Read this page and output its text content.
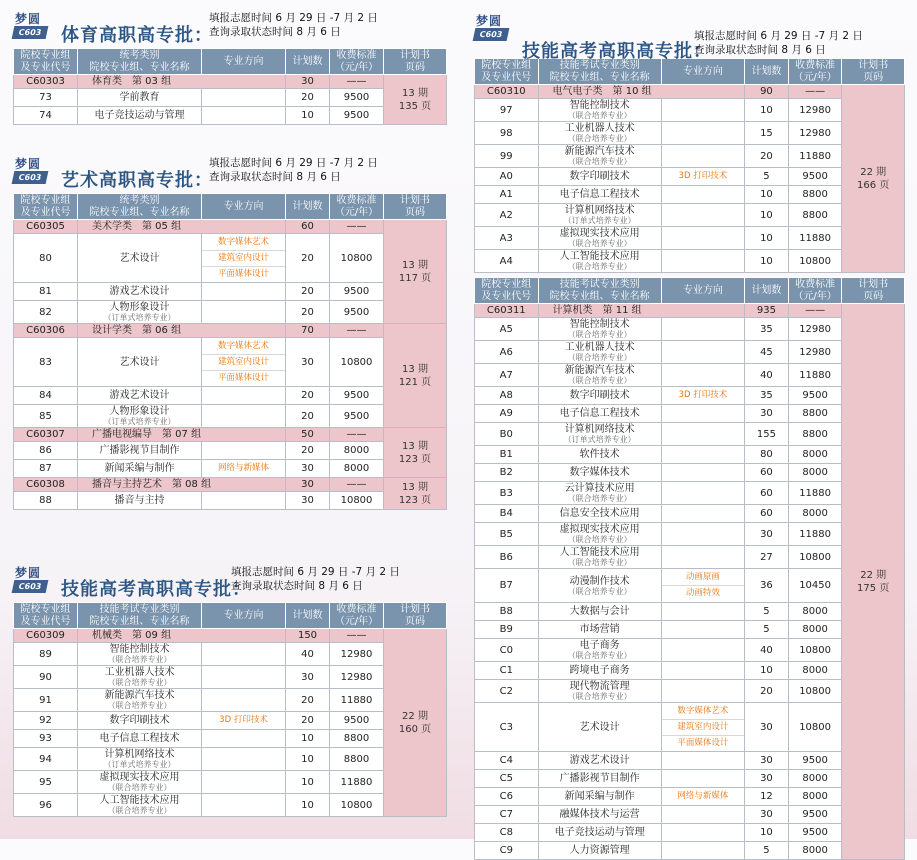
梦圆
C603	体育高职高专批：
填报志愿时间 6 月 29 日 -7 月 2 日
查询录取状态时间 8 月 6 日
院校专业组
及专业代号	统考类别
院校专业组、专业名称	专业方向	计划数	收费标准
（元/年）	计划书
页码
C60303	体育类　第 03 组		30	——	13 期
135 页

73	学前教育		20	9500	
74	电子竞技运动与管理		10	9500	
梦圆
C603	艺术高职高专批：
填报志愿时间 6 月 29 日 -7 月 2 日
查询录取状态时间 8 月 6 日
院校专业组
及专业代号	统考类别
院校专业组、专业名称	专业方向	计划数	收费标准
（元/年）	计划书
页码
C60305	美术学类　第 05 组		60	——	13 期
117 页

80	艺术设计	数字媒体艺术
建筑室内设计
平面媒体设计	20	10800	
81	游戏艺术设计		20	9500	
82	人物形象设计
（订单式培养专业）		20	9500	
C60306	设计学类　第 06 组		70	——	13 期
121 页

83	艺术设计	数字媒体艺术
建筑室内设计
平面媒体设计	30	10800	
84	游戏艺术设计		20	9500	
85	人物形象设计
（订单式培养专业）		20	9500	
C60307	广播电视编导　第 07 组		50	——	13 期
123 页

86	广播影视节目制作		20	8000	
87	新闻采编与制作	网络与新媒体	30	8000	
C60308	播音与主持艺术　第 08 组		30	——	13 期
123 页

88	播音与主持		30	10800	
梦圆
C603	技能高考高职高专批：
填报志愿时间 6 月 29 日 -7 月 2 日
查询录取状态时间 8 月 6 日
院校专业组
及专业代号	技能考试专业类别
院校专业组、专业名称	专业方向	计划数	收费标准
（元/年）	计划书
页码
C60309	机械类　第 09 组		150	——	22 期
160 页

89	智能控制技术
（联合培养专业）		40	12980	
90	工业机器人技术
（联合培养专业）		30	12980	
91	新能源汽车技术
（联合培养专业）		20	11880	
92	数字印刷技术	3D 打印技术	20	9500	
93	电子信息工程技术		10	8800	
94	计算机网络技术
（订单式培养专业）		10	8800	
95	虚拟现实技术应用
（联合培养专业）		10	11880	
96	人工智能技术应用
（联合培养专业）		10	10800	
梦圆
C603
技能高考高职高专批：
填报志愿时间 6 月 29 日 -7 月 2 日
查询录取状态时间 8 月 6 日
院校专业组
及专业代号	技能考试专业类别
院校专业组、专业名称	专业方向	计划数	收费标准
（元/年）	计划书
页码
C60310	电气电子类　第 10 组		90	——	22 期
166 页

97	智能控制技术
（联合培养专业）		10	12980	
98	工业机器人技术
（联合培养专业）		15	12980	
99	新能源汽车技术
（联合培养专业）		20	11880	
A0	数字印刷技术	3D 打印技术	5	9500	
A1	电子信息工程技术		10	8800	
A2	计算机网络技术
（订单式培养专业）		10	8800	
A3	虚拟现实技术应用
（联合培养专业）		10	11880	
A4	人工智能技术应用
（联合培养专业）		10	10800	
院校专业组
及专业代号	技能考试专业类别
院校专业组、专业名称	专业方向	计划数	收费标准
（元/年）	计划书
页码
C60311	计算机类　第 11 组		935	——	22 期
175 页

A5	智能控制技术
（联合培养专业）		35	12980	
A6	工业机器人技术
（联合培养专业）		45	12980	
A7	新能源汽车技术
（联合培养专业）		40	11880	
A8	数字印刷技术	3D 打印技术	35	9500	
A9	电子信息工程技术		30	8800	
B0	计算机网络技术
（订单式培养专业）		155	8800	
B1	软件技术		80	8000	
B2	数字媒体技术		60	8000	
B3	云计算技术应用
（联合培养专业）		60	11880	
B4	信息安全技术应用		60	8000	
B5	虚拟现实技术应用
（联合培养专业）		30	11880	
B6	人工智能技术应用
（联合培养专业）		27	10800	
B7	动漫制作技术
（联合培养专业）	动画原画
动画特效	36	10450	
B8	大数据与会计		5	8000	
B9	市场营销		5	8000	
C0	电子商务
（联合培养专业）		40	10800	
C1	跨境电子商务		10	8000	
C2	现代物流管理
（联合培养专业）		20	10800	
C3	艺术设计	数字媒体艺术
建筑室内设计
平面媒体设计	30	10800	
C4	游戏艺术设计		30	9500	
C5	广播影视节目制作		30	8000	
C6	新闻采编与制作	网络与新媒体	12	8000	
C7	融媒体技术与运营		30	9500	
C8	电子竞技运动与管理		10	9500	
C9	人力资源管理		5	8000	
